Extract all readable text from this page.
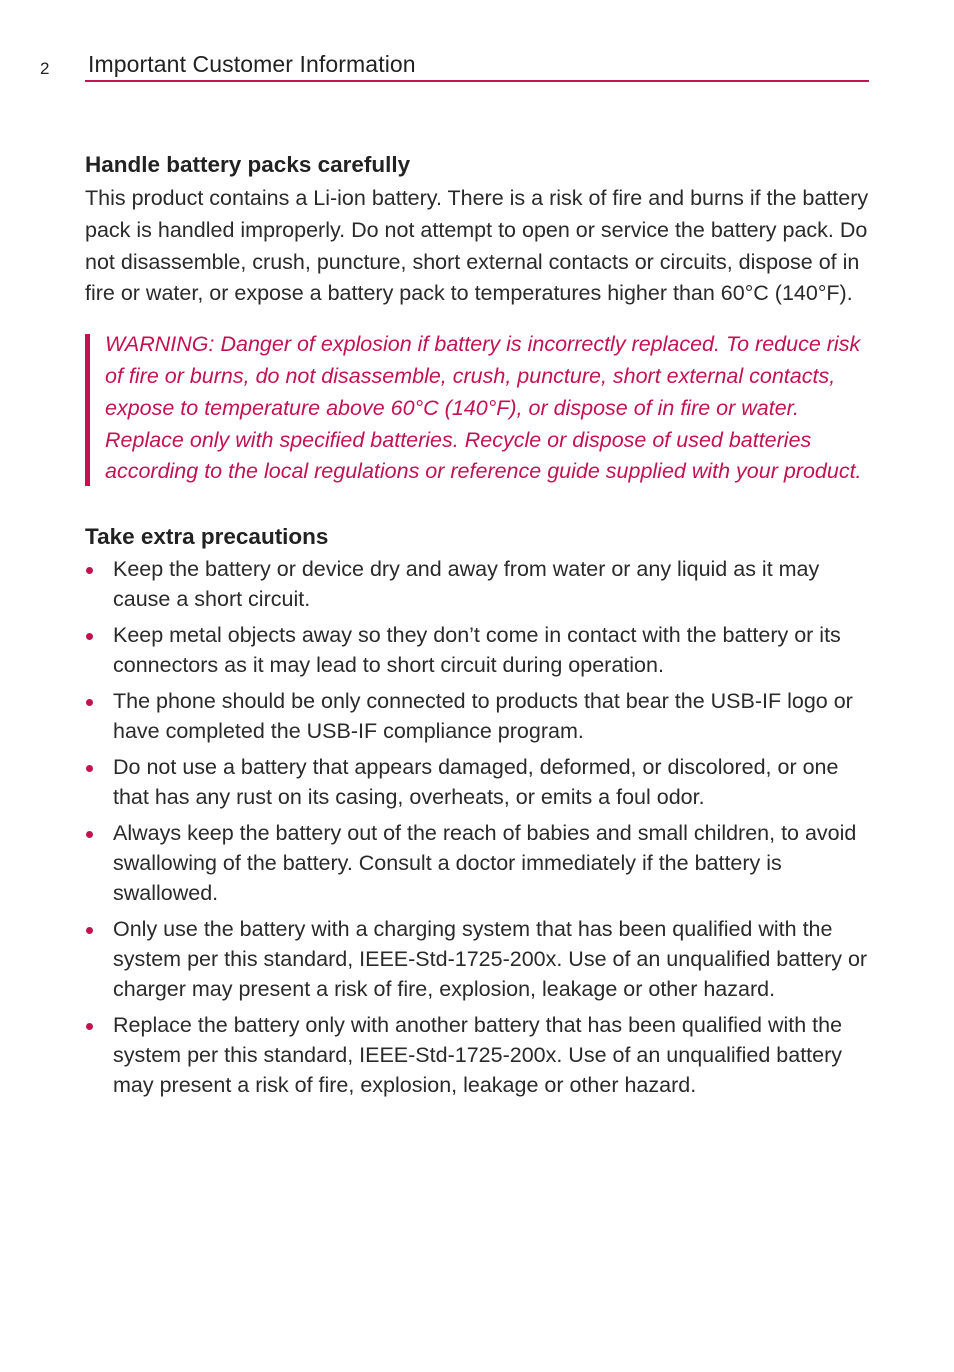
2 Important Customer Information
Handle battery packs carefully

This product contains a Li-ion battery. There is a risk of fire and burns if the battery pack is handled improperly. Do not attempt to open or service the battery pack. Do not disassemble, crush, puncture, short external contacts or circuits, dispose of in fire or water, or expose a battery pack to temperatures higher than 60°C (140°F).

WARNING: Danger of explosion if battery is incorrectly replaced. To reduce risk of fire or burns, do not disassemble, crush, puncture, short external contacts, expose to temperature above 60°C (140°F), or dispose of in fire or water. Replace only with specified batteries. Recycle or dispose of used batteries according to the local regulations or reference guide supplied with your product.
Take extra precautions
Keep the battery or device dry and away from water or any liquid as it may cause a short circuit.
Keep metal objects away so they don’t come in contact with the battery or its connectors as it may lead to short circuit during operation.
The phone should be only connected to products that bear the USB-IF logo or have completed the USB-IF compliance program.
Do not use a battery that appears damaged, deformed, or discolored, or one that has any rust on its casing, overheats, or emits a foul odor.
Always keep the battery out of the reach of babies and small children, to avoid swallowing of the battery. Consult a doctor immediately if the battery is swallowed.
Only use the battery with a charging system that has been qualified with the system per this standard, IEEE-Std-1725-200x. Use of an unqualified battery or charger may present a risk of fire, explosion, leakage or other hazard.
Replace the battery only with another battery that has been qualified with the system per this standard, IEEE-Std-1725-200x. Use of an unqualified battery may present a risk of fire, explosion, leakage or other hazard.
